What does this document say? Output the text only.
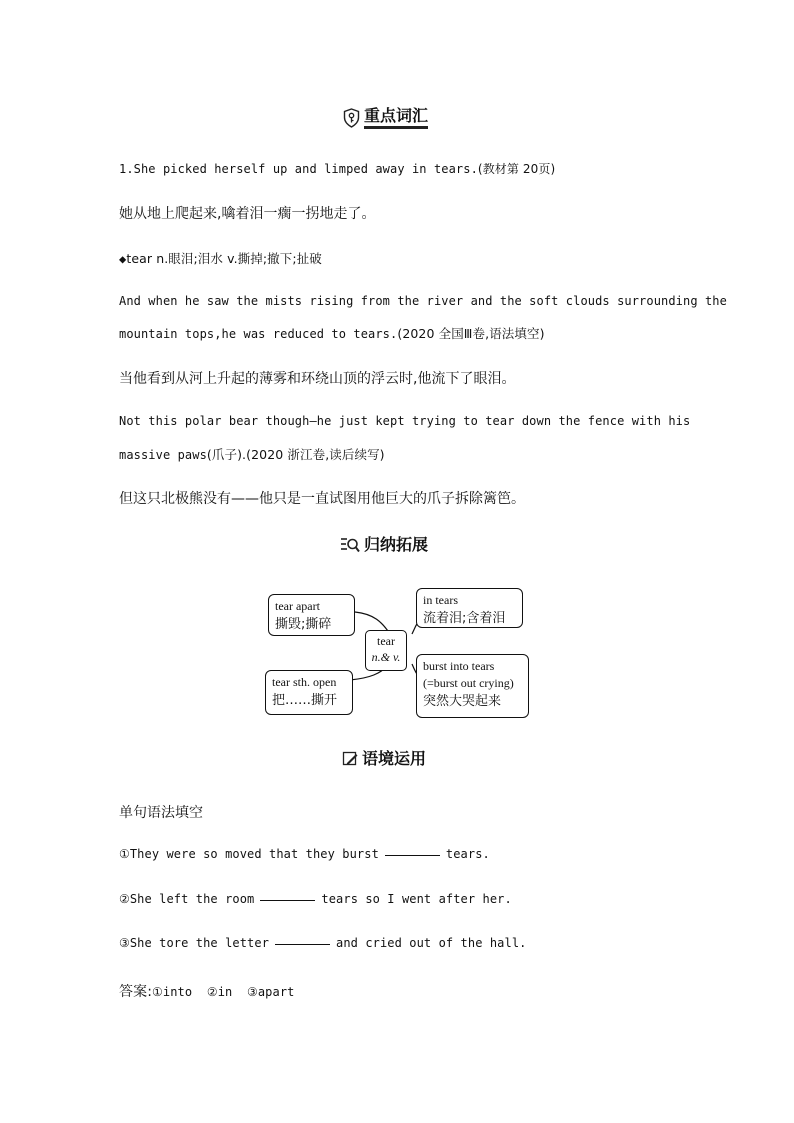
重点词汇
1.She picked herself up and limped away in tears.(教材第 20页)
她从地上爬起来,噙着泪一瘸一拐地走了。
◆tear n.眼泪;泪水 v.撕掉;撤下;扯破
And when he saw the mists rising from the river and the soft clouds surrounding the
mountain tops,he was reduced to tears.(2020 全国Ⅲ卷,语法填空)
当他看到从河上升起的薄雾和环绕山顶的浮云时,他流下了眼泪。
Not this polar bear though—he just kept trying to tear down the fence with his
massive paws(爪子).(2020 浙江卷,读后续写)
但这只北极熊没有——他只是一直试图用他巨大的爪子拆除篱笆。
归纳拓展
tear apart
撕毁;撕碎
tear
n.& v.
in tears
流着泪;含着泪
tear sth. open
把……撕开
burst into tears
(=burst out crying)
突然大哭起来
语境运用
单句语法填空
①They were so moved that they burst	tears.
②She left the room	tears so I went after her.
③She tore the letter	and cried out of the hall.
答案:①into  ②in  ③apart
